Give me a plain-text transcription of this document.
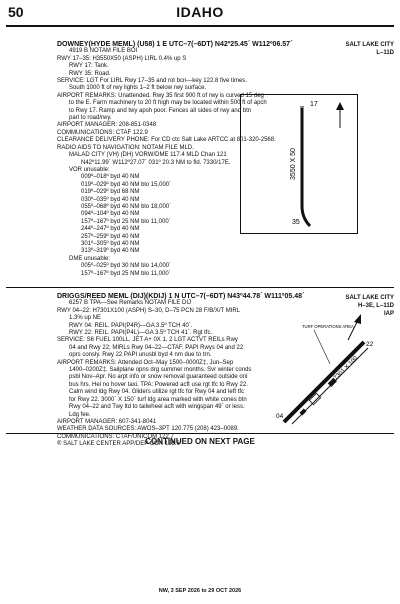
50	IDAHO
SALT LAKE CITY
L–11D

DOWNEY(HYDE MEML) (U58) 1 E UTC–7(–6DT) N42º25.45´ W112º06.57´

4919 B NOTAM FILE BOI

RWY 17–35: H3550X50 (ASPH) LIRL 0.4% up S

RWY 17: Tank.

RWY 35: Road.

SERVICE: LGT For LIRL Rwy 17–35 and rot bcn—key 122.8 five times.

South 1000 ft of rwy lights 1–2 ft below rwy surface.

AIRPORT REMARKS: Unattended. Rwy 35 first 900 ft of rwy is curved 15 deg

to the E. Farm machinery to 20 ft high may be located within 500 ft of apch

to Rwy 17. Ramp and twy apsh poor. Fences all sides of rwy and btn

parl to road/rwy.

AIRPORT MANAGER: 208-851-0348

COMMUNICATIONS: CTAF 122.9

CLEARANCE DELIVERY PHONE: For CD ctc Salt Lake ARTCC at 801-320-2568.

RADIO AIDS TO NAVIGATION: NOTAM FILE MLD.

MALAD CITY (VH) (DH) VORW/DME 117.4 MLD Chan 121

N42º11.99´ W112º27.07´ 031º 20.3 NM to fld. 7330/17E.

VOR unusable:

009º–018º byd 40 NM

019º–029º byd 40 NM blo 15,000´

019º–029º byd 68 NM

030º–035º byd 40 NM

055º–068º byd 40 NM blo 18,000´

094º–104º byd 40 NM

157º–167º byd 25 NM blo 11,000´

244º–247º byd 40 NM

257º–259º byd 40 NM

301º–305º byd 40 NM

313º–319º byd 40 NM

DME unusable:

005º–025º byd 30 NM blo 14,000´

157º–167º byd 25 NM blo 11,000´

3550 X 50
17
35
SALT LAKE CITY
H–3E, L–11D
IAP

DRIGGS/REED MEML (DIJ)(KDIJ) 1 N UTC–7(–6DT) N43º44.78´ W111º05.48´

6257 B TPA—See Remarks NOTAM FILE DIJ

RWY 04–22: H7301X100 (ASPH) S–30, D–75 PCN 28 F/B/X/T MIRL

1.3% up NE

RWY 04: REIL. PAPI(P4R)—GA 3.5º TCH 40´.

RWY 22: REIL. PAPI(P4L)—GA 3.5º TCH 41´. Rgt tfc.

SERVICE: S6 FUEL 100LL, JET A+ 0X 1, 2 LGT ACTVT REILs Rwy

04 and Rwy 22; MIRLs Rwy 04–22—CTAF. PAPI Rwys 04 and 22

oprs consly. Rwy 22 PAPI unusbl byd 4 nm due to trn.

AIRPORT REMARKS: Attended Oct–May 1500–0000Z‡, Jun–Sep

1400–0200Z‡. Sailplane opns drg summer months. Svr winter conds

psbl Nov–Apr. No arpt info or snow removal guaranteed outside onl

bus hrs. Hel no hover taxi. TPA: Powered acft use rgt tfc to Rwy 22.

Calm wind ldg Rwy 04. Gliders utilize rgt tfc for Rwy 04 and left tfc

for Rwy 22. 3000´ X 150´ turf ldg area marked with white cones btn

Rwy 04–22 and Twy ltd to tailwheel acft with wingspan 49´ or less.

Ldg fee.

AIRPORT MANAGER: 607-341-8041

WEATHER DATA SOURCES: AWOS–3PT 120.775 (208) 423–0089.

COMMUNICATIONS: CTAF/UNICOM 122.7

® SALT LAKE CENTER APP/DEP CON 128.6

TURF OPERATIONS AREA
7301 X 100
04
22
CONTINUED ON NEXT PAGE
NW, 3 SEP 2026 to 29 OCT 2026
